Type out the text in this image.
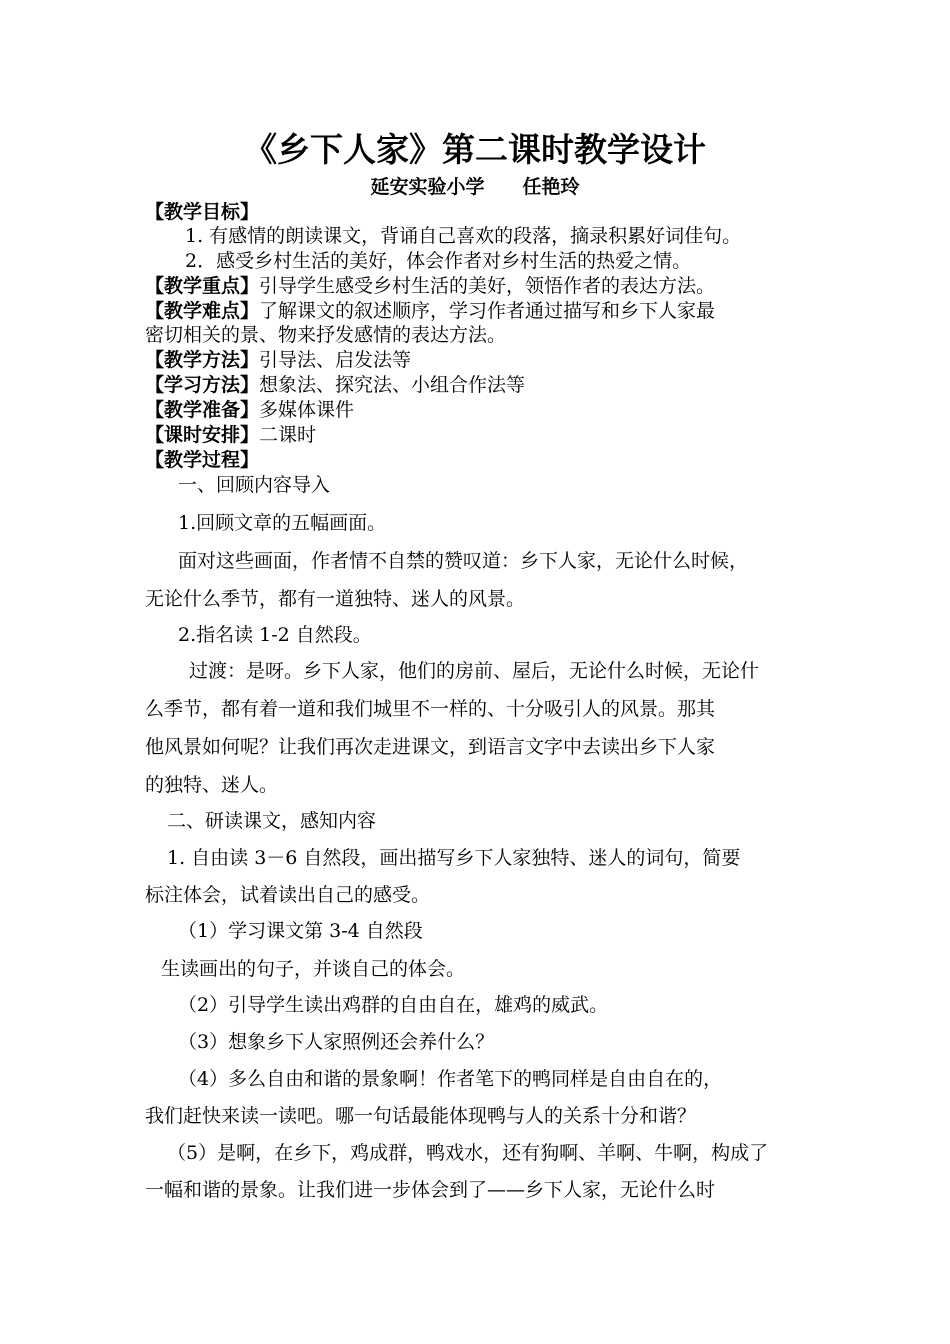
《乡下人家》第二课时教学设计
延安实验小学　　任艳玲
【教学目标】
1. 有感情的朗读课文，背诵自己喜欢的段落，摘录积累好词佳句。
2．感受乡村生活的美好，体会作者对乡村生活的热爱之情。
【教学重点】引导学生感受乡村生活的美好，领悟作者的表达方法。
【教学难点】了解课文的叙述顺序，学习作者通过描写和乡下人家最
密切相关的景、物来抒发感情的表达方法。
【教学方法】引导法、启发法等
【学习方法】想象法、探究法、小组合作法等
【教学准备】多媒体课件
【课时安排】二课时
【教学过程】
一、回顾内容导入
1.回顾文章的五幅画面。
面对这些画面，作者情不自禁的赞叹道：乡下人家，无论什么时候，
无论什么季节，都有一道独特、迷人的风景。
2.指名读 1-2 自然段。
过渡：是呀。乡下人家，他们的房前、屋后，无论什么时候，无论什
么季节，都有着一道和我们城里不一样的、十分吸引人的风景。那其
他风景如何呢？让我们再次走进课文，到语言文字中去读出乡下人家
的独特、迷人。
二、研读课文，感知内容
1. 自由读 3－6 自然段，画出描写乡下人家独特、迷人的词句，简要
标注体会，试着读出自己的感受。
（1）学习课文第 3-4 自然段
生读画出的句子，并谈自己的体会。
（2）引导学生读出鸡群的自由自在，雄鸡的威武。
（3）想象乡下人家照例还会养什么？
（4）多么自由和谐的景象啊！作者笔下的鸭同样是自由自在的，
我们赶快来读一读吧。哪一句话最能体现鸭与人的关系十分和谐？
（5）是啊，在乡下，鸡成群，鸭戏水，还有狗啊、羊啊、牛啊，构成了
一幅和谐的景象。让我们进一步体会到了——乡下人家，无论什么时
